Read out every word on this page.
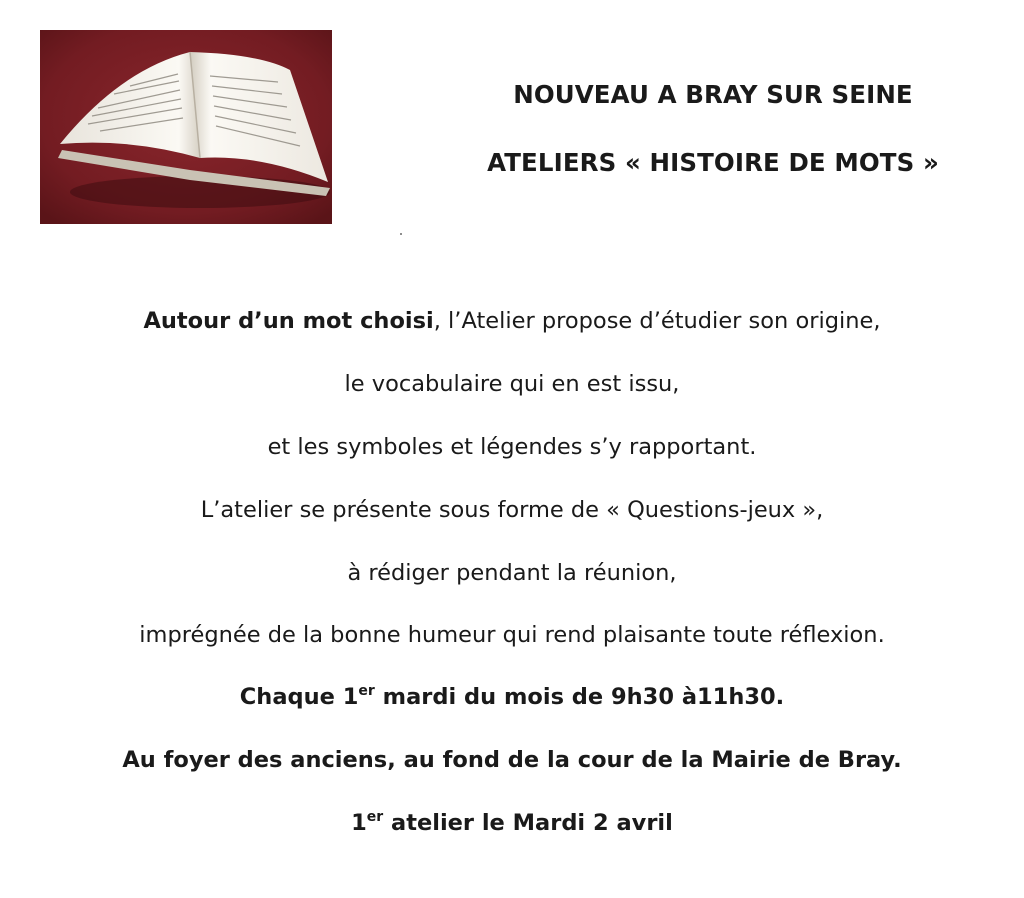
NOUVEAU A BRAY SUR SEINE

ATELIERS « HISTOIRE DE MOTS »

Autour d’un mot choisi, l’Atelier propose d’étudier son origine,

le vocabulaire qui en est issu,

et les symboles et légendes s’y rapportant.

L’atelier se présente sous forme de « Questions-jeux »,

à rédiger pendant la réunion,

imprégnée de la bonne humeur qui rend plaisante toute réflexion.

Chaque 1er mardi du mois de 9h30 à11h30.

Au foyer des anciens, au fond de la cour de la Mairie de Bray.

1er atelier le Mardi 2 avril
